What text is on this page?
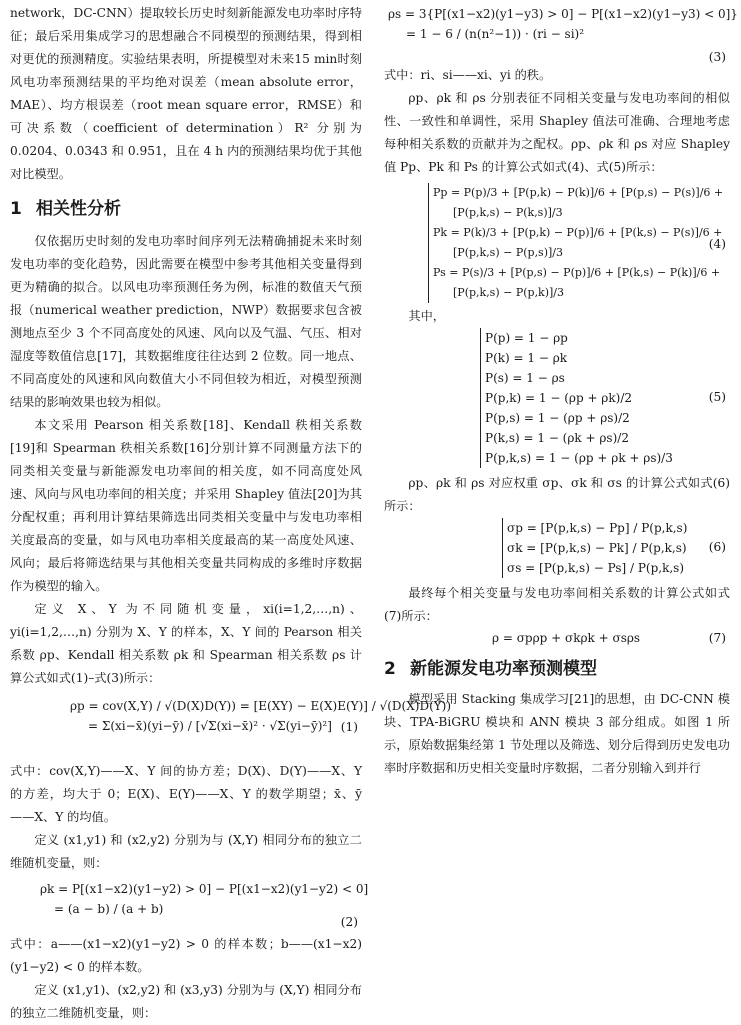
network，DC-CNN）提取较长历史时刻新能源发电功率时序特征；最后采用集成学习的思想融合不同模型的预测结果，得到相对更优的预测精度。实验结果表明，所提模型对未来15 min时刻风电功率预测结果的平均绝对误差（mean absolute error，MAE）、均方根误差（root mean square error，RMSE）和可决系数（coefficient of determination）R² 分别为 0.0204、0.0343 和 0.951，且在 4 h 内的预测结果均优于其他对比模型。

1 相关性分析

仅依据历史时刻的发电功率时间序列无法精确捕捉未来时刻发电功率的变化趋势，因此需要在模型中参考其他相关变量得到更为精确的拟合。以风电功率预测任务为例，标准的数值天气预报（numerical weather prediction，NWP）数据要求包含被测地点至少 3 个不同高度处的风速、风向以及气温、气压、相对湿度等数值信息[17]，其数据维度往往达到 2 位数。同一地点、不同高度处的风速和风向数值大小不同但较为相近，对模型预测结果的影响效果也较为相似。

本文采用 Pearson 相关系数[18]、Kendall 秩相关系数[19]和 Spearman 秩相关系数[16]分别计算不同测量方法下的同类相关变量与新能源发电功率间的相关度，如不同高度处风速、风向与风电功率间的相关度；并采用 Shapley 值法[20]为其分配权重；再利用计算结果筛选出同类相关变量中与发电功率相关度最高的变量，如与风电功率相关度最高的某一高度处风速、风向；最后将筛选结果与其他相关变量共同构成的多维时序数据作为模型的输入。

定义 X、Y 为不同随机变量，xi(i=1,2,…,n)、yi(i=1,2,…,n) 分别为 X、Y 的样本，X、Y 间的 Pearson 相关系数 ρp、Kendall 相关系数 ρk 和 Spearman 相关系数 ρs 计算公式如式(1)–式(3)所示：

ρp = cov(X,Y) / √(D(X)D(Y)) = [E(XY) − E(X)E(Y)] / √(D(X)D(Y))
= Σ(xi−x̄)(yi−ȳ) / [√Σ(xi−x̄)² · √Σ(yi−ȳ)²] (1)

式中：cov(X,Y)——X、Y 间的协方差；D(X)、D(Y)——X、Y 的方差，均大于 0；E(X)、E(Y)——X、Y 的数学期望；x̄、ȳ——X、Y 的均值。

定义 (x1,y1) 和 (x2,y2) 分别为与 (X,Y) 相同分布的独立二维随机变量，则：

ρk = P[(x1−x2)(y1−y2) > 0] − P[(x1−x2)(y1−y2) < 0]
= (a − b) / (a + b)
(2)

式中：a——(x1−x2)(y1−y2) > 0 的样本数；b——(x1−x2)(y1−y2) < 0 的样本数。

定义 (x1,y1)、(x2,y2) 和 (x3,y3) 分别为与 (X,Y) 相同分布的独立二维随机变量，则：

ρs = 3{P[(x1−x2)(y1−y3) > 0] − P[(x1−x2)(y1−y3) < 0]}
= 1 − 6 / (n(n²−1)) · (ri − si)²
(3)

式中：ri、si——xi、yi 的秩。

ρp、ρk 和 ρs 分别表征不同相关变量与发电功率间的相似性、一致性和单调性，采用 Shapley 值法可准确、合理地考虑每种相关系数的贡献并为之配权。ρp、ρk 和 ρs 对应 Shapley 值 Pp、Pk 和 Ps 的计算公式如式(4)、式(5)所示：

Pp = P(p)/3 + [P(p,k) − P(k)]/6 + [P(p,s) − P(s)]/6 +
[P(p,k,s) − P(k,s)]/3
Pk = P(k)/3 + [P(p,k) − P(p)]/6 + [P(k,s) − P(s)]/6 +
[P(p,k,s) − P(p,s)]/3
Ps = P(s)/3 + [P(p,s) − P(p)]/6 + [P(k,s) − P(k)]/6 +
[P(p,k,s) − P(p,k)]/3
(4)

其中，

P(p) = 1 − ρp
P(k) = 1 − ρk
P(s) = 1 − ρs
P(p,k) = 1 − (ρp + ρk)/2
P(p,s) = 1 − (ρp + ρs)/2
P(k,s) = 1 − (ρk + ρs)/2
P(p,k,s) = 1 − (ρp + ρk + ρs)/3
(5)

ρp、ρk 和 ρs 对应权重 σp、σk 和 σs 的计算公式如式(6)所示：

σp = [P(p,k,s) − Pp] / P(p,k,s)
σk = [P(p,k,s) − Pk] / P(p,k,s)
σs = [P(p,k,s) − Ps] / P(p,k,s)
(6)

最终每个相关变量与发电功率间相关系数的计算公式如式(7)所示：

ρ = σpρp + σkρk + σsρs	(7)
2 新能源发电功率预测模型

模型采用 Stacking 集成学习[21]的思想，由 DC-CNN 模块、TPA-BiGRU 模块和 ANN 模块 3 部分组成。如图 1 所示，原始数据集经第 1 节处理以及筛选、划分后得到历史发电功率时序数据和历史相关变量时序数据，二者分别输入到并行
